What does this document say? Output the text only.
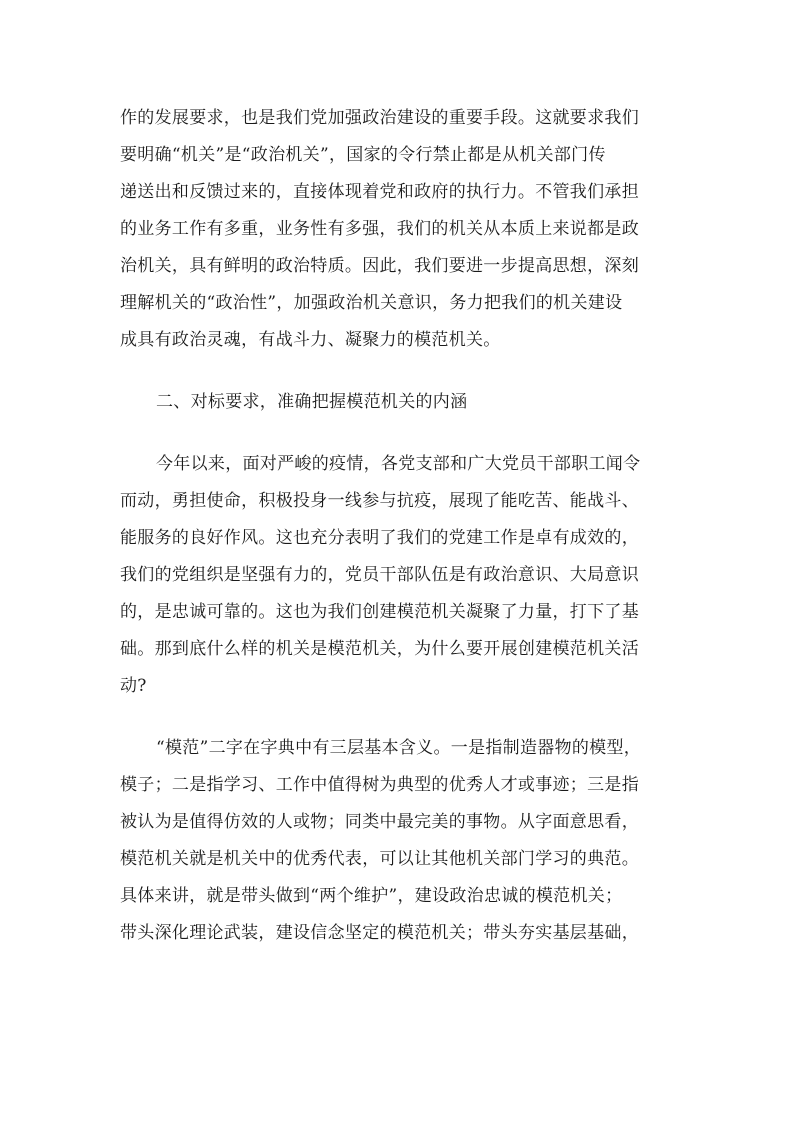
作的发展要求，也是我们党加强政治建设的重要手段。这就要求我们
要明确“机关”是“政治机关”，国家的令行禁止都是从机关部门传
递送出和反馈过来的，直接体现着党和政府的执行力。不管我们承担
的业务工作有多重，业务性有多强，我们的机关从本质上来说都是政
治机关，具有鲜明的政治特质。因此，我们要进一步提高思想，深刻
理解机关的“政治性”，加强政治机关意识，务力把我们的机关建设
成具有政治灵魂，有战斗力、凝聚力的模范机关。
二、对标要求，准确把握模范机关的内涵
今年以来，面对严峻的疫情，各党支部和广大党员干部职工闻令
而动，勇担使命，积极投身一线参与抗疫，展现了能吃苦、能战斗、
能服务的良好作风。这也充分表明了我们的党建工作是卓有成效的，
我们的党组织是坚强有力的，党员干部队伍是有政治意识、大局意识
的，是忠诚可靠的。这也为我们创建模范机关凝聚了力量，打下了基
础。那到底什么样的机关是模范机关，为什么要开展创建模范机关活
动?
“模范”二字在字典中有三层基本含义。一是指制造器物的模型，
模子；二是指学习、工作中值得树为典型的优秀人才或事迹；三是指
被认为是值得仿效的人或物；同类中最完美的事物。从字面意思看，
模范机关就是机关中的优秀代表，可以让其他机关部门学习的典范。
具体来讲，就是带头做到“两个维护”，建设政治忠诚的模范机关；
带头深化理论武装，建设信念坚定的模范机关；带头夯实基层基础，
